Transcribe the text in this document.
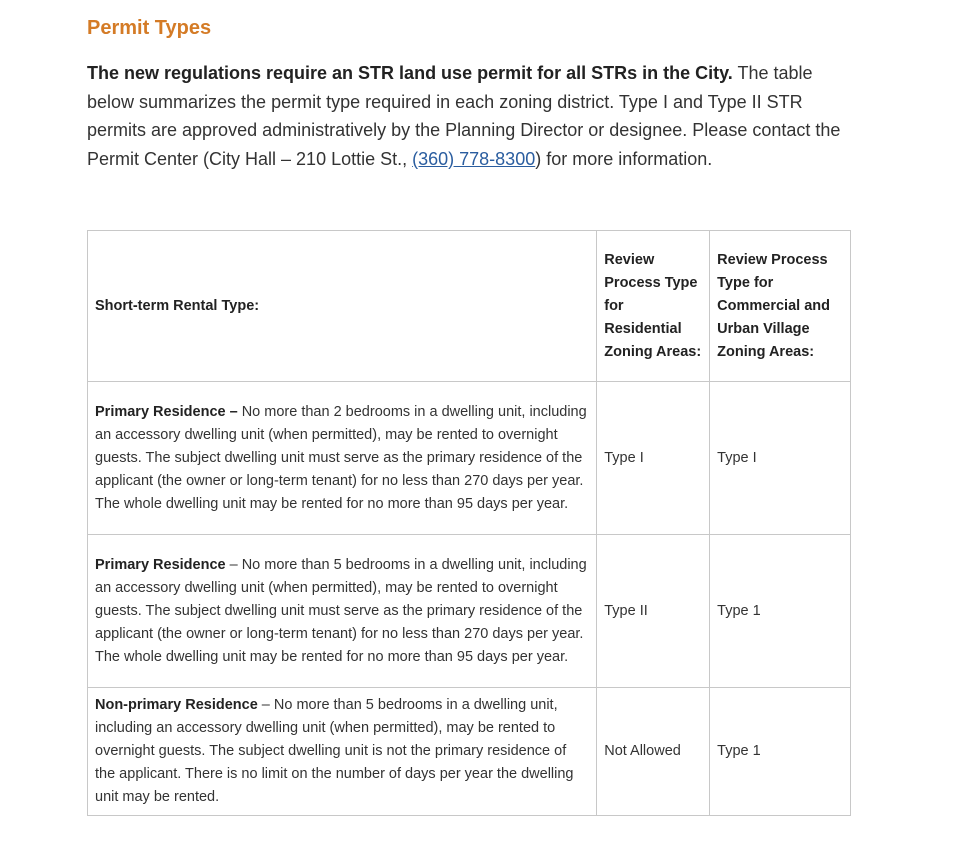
Permit Types

The new regulations require an STR land use permit for all STRs in the City. The table below summarizes the permit type required in each zoning district. Type I and Type II STR permits are approved administratively by the Planning Director or designee. Please contact the Permit Center (City Hall – 210 Lottie St., (360) 778-8300) for more information.

Short-term Rental Type:	Review Process Type for Residential Zoning Areas:	Review Process Type for Commercial and Urban Village Zoning Areas:
Primary Residence – No more than 2 bedrooms in a dwelling unit, including an accessory dwelling unit (when permitted), may be rented to overnight guests. The subject dwelling unit must serve as the primary residence of the applicant (the owner or long-term tenant) for no less than 270 days per year. The whole dwelling unit may be rented for no more than 95 days per year.	Type I	Type I
Primary Residence – No more than 5 bedrooms in a dwelling unit, including an accessory dwelling unit (when permitted), may be rented to overnight guests. The subject dwelling unit must serve as the primary residence of the applicant (the owner or long-term tenant) for no less than 270 days per year. The whole dwelling unit may be rented for no more than 95 days per year.	Type II	Type 1
Non-primary Residence – No more than 5 bedrooms in a dwelling unit, including an accessory dwelling unit (when permitted), may be rented to overnight guests. The subject dwelling unit is not the primary residence of the applicant. There is no limit on the number of days per year the dwelling unit may be rented.	Not Allowed	Type 1
